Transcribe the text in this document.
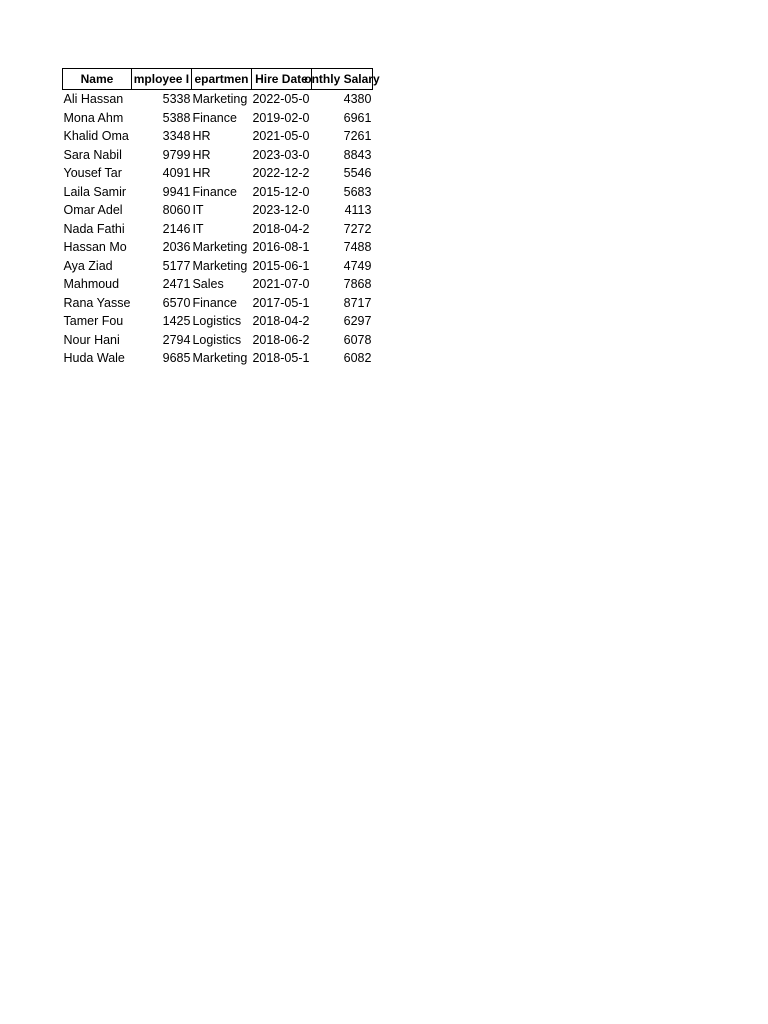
Name	mployee I	epartmen	Hire Date	onthly Salary

Ali Hassan	5338	Marketing	2022-05-0	4380
Mona Ahm	5388	Finance	2019-02-0	6961
Khalid Oma	3348	HR	2021-05-0	7261
Sara Nabil	9799	HR	2023-03-0	8843
Yousef Tar	4091	HR	2022-12-2	5546
Laila Samir	9941	Finance	2015-12-0	5683
Omar Adel	8060	IT	2023-12-0	4113
Nada Fathi	2146	IT	2018-04-2	7272
Hassan Mo	2036	Marketing	2016-08-1	7488
Aya Ziad	5177	Marketing	2015-06-1	4749
Mahmoud	2471	Sales	2021-07-0	7868
Rana Yasse	6570	Finance	2017-05-1	8717
Tamer Fou	1425	Logistics	2018-04-2	6297
Nour Hani	2794	Logistics	2018-06-2	6078
Huda Wale	9685	Marketing	2018-05-1	6082
